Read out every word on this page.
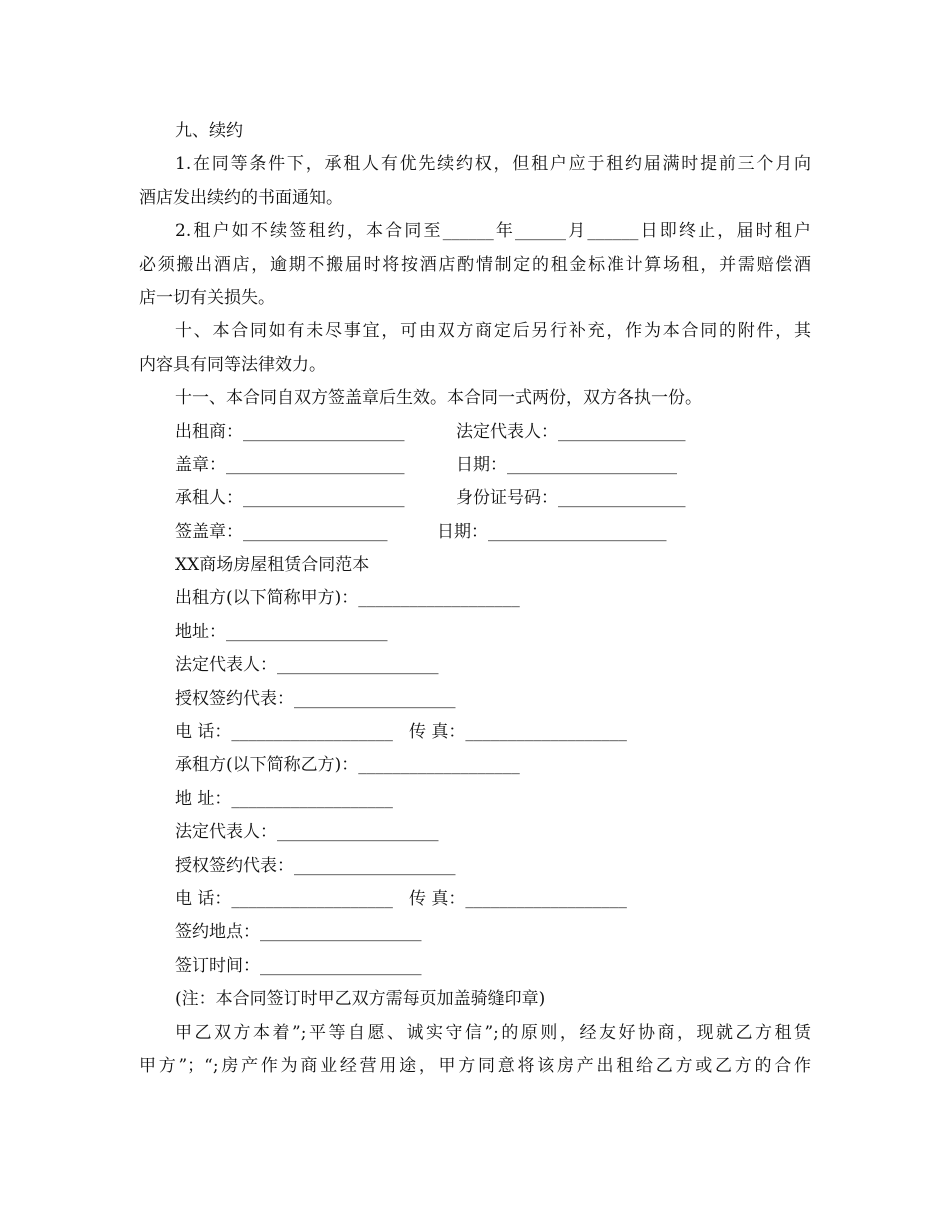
九、续约
1.在同等条件下，承租人有优先续约权，但租户应于租约届满时提前三个月向
酒店发出续约的书面通知。
2.租户如不续签租约，本合同至______年______月______日即终止，届时租户
必须搬出酒店，逾期不搬届时将按酒店酌情制定的租金标准计算场租，并需赔偿酒
店一切有关损失。
十、本合同如有未尽事宜，可由双方商定后另行补充，作为本合同的附件，其
内容具有同等法律效力。
十一、本合同自双方签盖章后生效。本合同一式两份，双方各执一份。
出租商：___________________	法定代表人：_______________
盖章：_____________________	日期：____________________
承租人：___________________	身份证号码：_______________
签盖章：_________________	日期：_____________________
XX商场房屋租赁合同范本
出租方(以下简称甲方)：___________________
地址：___________________
法定代表人：___________________
授权签约代表：___________________
电 话：___________________ 传 真：___________________
承租方(以下简称乙方)：___________________
地 址：___________________
法定代表人：___________________
授权签约代表：___________________
电 话：___________________ 传 真：___________________
签约地点：___________________
签订时间：___________________
(注：本合同签订时甲乙双方需每页加盖骑缝印章)
甲乙双方本着”;平等自愿、诚实守信”;的原则，经友好协商，现就乙方租赁
甲方”；“;房产作为商业经营用途，甲方同意将该房产出租给乙方或乙方的合作
